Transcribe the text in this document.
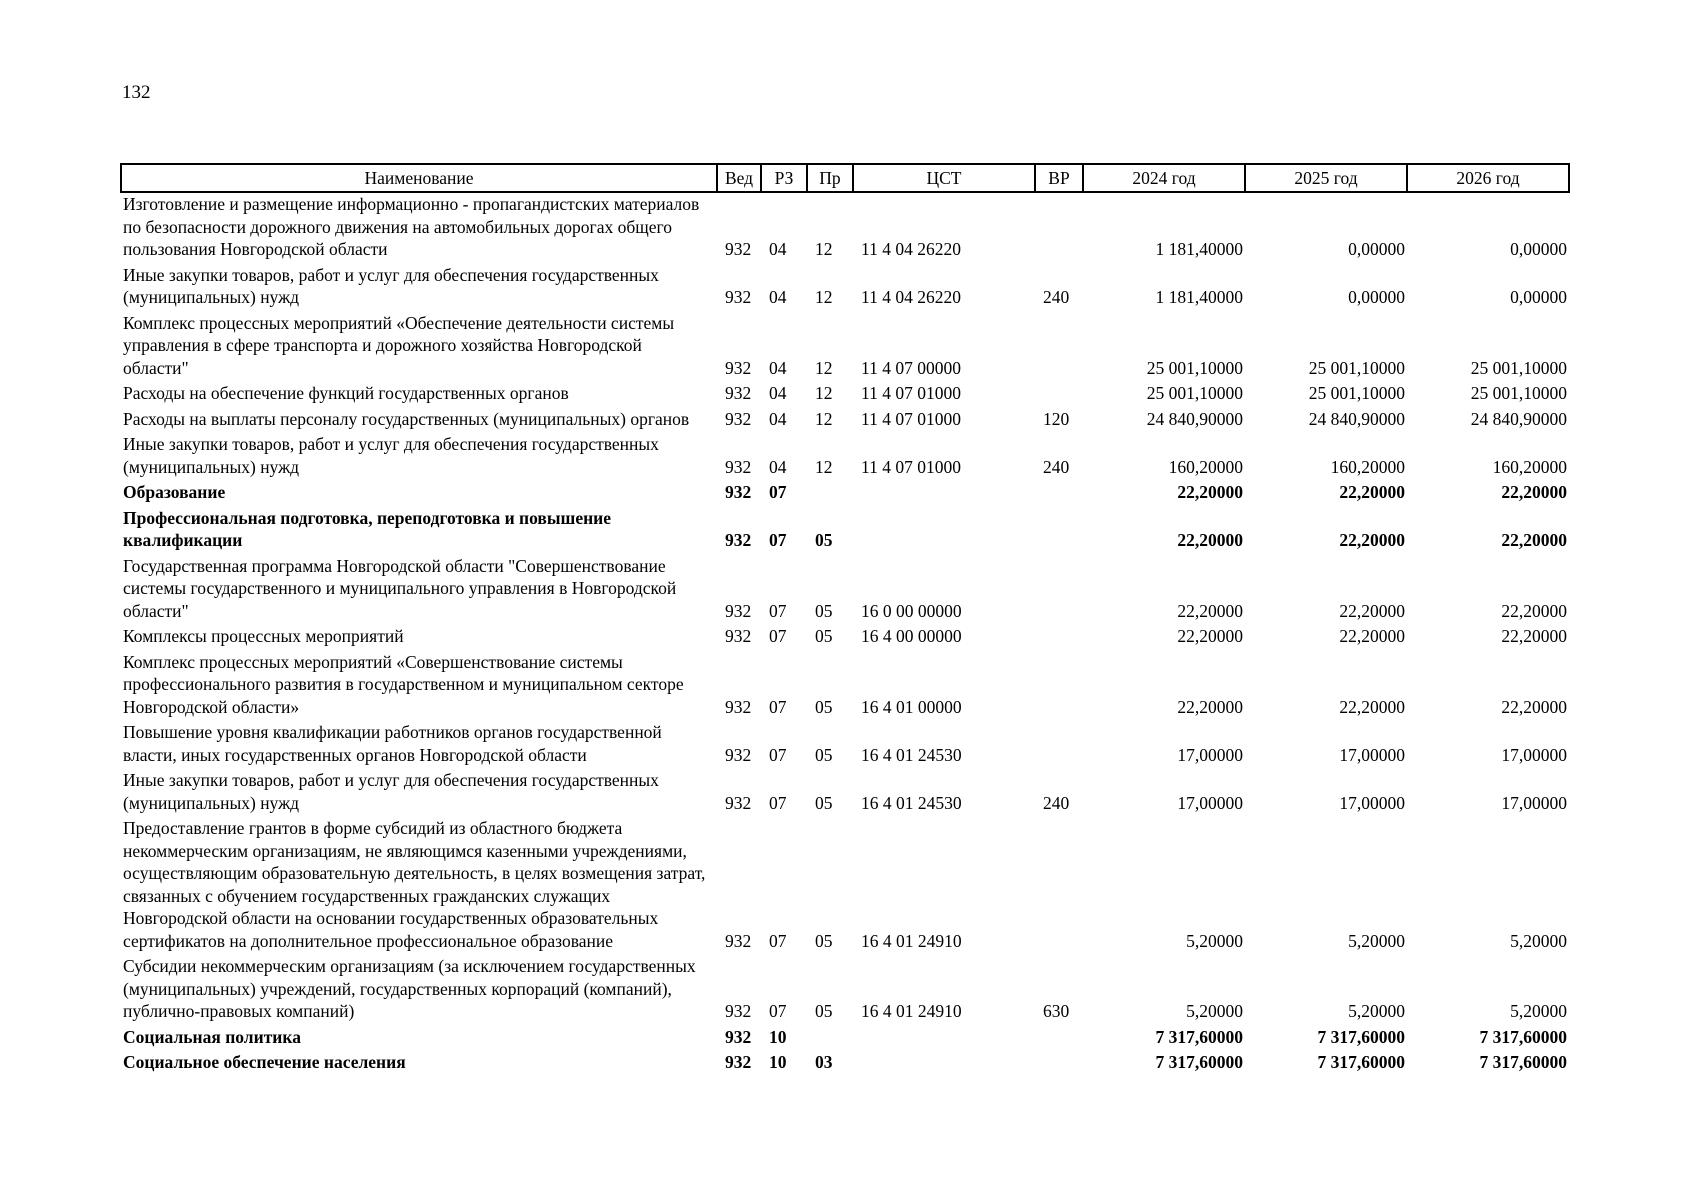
132
Наименование	Вед	РЗ	Пр	ЦСТ	ВР	2024 год	2025 год	2026 год
Изготовление и размещение информационно - пропагандистских материалов по безопасности дорожного движения на автомобильных дорогах общего пользования Новгородской области	932	04	12	11 4 04 26220		1 181,40000	0,00000	0,00000
Иные закупки товаров, работ и услуг для обеспечения государственных (муниципальных) нужд	932	04	12	11 4 04 26220	240	1 181,40000	0,00000	0,00000
Комплекс процессных мероприятий «Обеспечение деятельности системы управления в сфере транспорта и дорожного хозяйства Новгородской области"	932	04	12	11 4 07 00000		25 001,10000	25 001,10000	25 001,10000
Расходы на обеспечение функций государственных органов	932	04	12	11 4 07 01000		25 001,10000	25 001,10000	25 001,10000
Расходы на выплаты персоналу государственных (муниципальных) органов	932	04	12	11 4 07 01000	120	24 840,90000	24 840,90000	24 840,90000
Иные закупки товаров, работ и услуг для обеспечения государственных (муниципальных) нужд	932	04	12	11 4 07 01000	240	160,20000	160,20000	160,20000
Образование	932	07				22,20000	22,20000	22,20000
Профессиональная подготовка, переподготовка и повышение квалификации	932	07	05			22,20000	22,20000	22,20000
Государственная программа Новгородской области "Совершенствование системы государственного и муниципального управления в Новгородской области"	932	07	05	16 0 00 00000		22,20000	22,20000	22,20000
Комплексы процессных мероприятий	932	07	05	16 4 00 00000		22,20000	22,20000	22,20000
Комплекс процессных мероприятий «Совершенствование системы профессионального развития в государственном и муниципальном секторе Новгородской области»	932	07	05	16 4 01 00000		22,20000	22,20000	22,20000
Повышение уровня квалификации работников органов государственной власти, иных государственных органов Новгородской области	932	07	05	16 4 01 24530		17,00000	17,00000	17,00000
Иные закупки товаров, работ и услуг для обеспечения государственных (муниципальных) нужд	932	07	05	16 4 01 24530	240	17,00000	17,00000	17,00000
Предоставление грантов в форме субсидий из областного бюджета некоммерческим организациям, не являющимся казенными учреждениями, осуществляющим образовательную деятельность, в целях возмещения затрат, связанных с обучением государственных гражданских служащих Новгородской области на основании государственных образовательных сертификатов на дополнительное профессиональное образование	932	07	05	16 4 01 24910		5,20000	5,20000	5,20000
Субсидии некоммерческим организациям (за исключением государственных (муниципальных) учреждений, государственных корпораций (компаний), публично-правовых компаний)	932	07	05	16 4 01 24910	630	5,20000	5,20000	5,20000
Социальная политика	932	10				7 317,60000	7 317,60000	7 317,60000
Социальное обеспечение населения	932	10	03			7 317,60000	7 317,60000	7 317,60000
